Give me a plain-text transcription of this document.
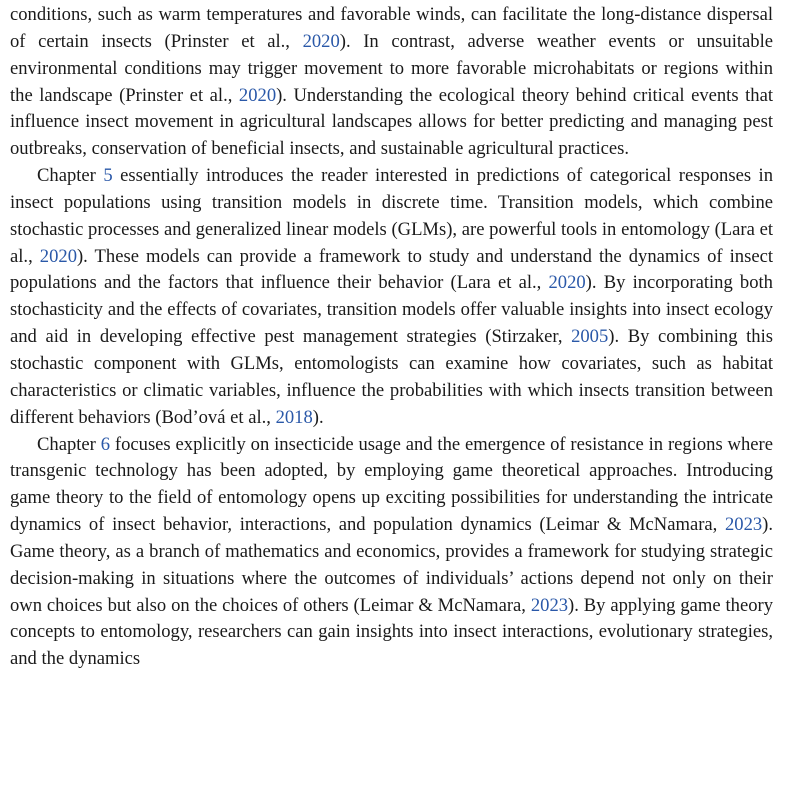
conditions, such as warm temperatures and favorable winds, can facilitate the long-distance dispersal of certain insects (Prinster et al., 2020). In contrast, adverse weather events or unsuitable environmental conditions may trigger movement to more favorable microhabitats or regions within the landscape (Prinster et al., 2020). Understanding the ecological theory behind critical events that influence insect movement in agricultural landscapes allows for better predicting and managing pest outbreaks, conservation of beneficial insects, and sustainable agricultural practices.

Chapter 5 essentially introduces the reader interested in predictions of categorical responses in insect populations using transition models in discrete time. Transition models, which combine stochastic processes and generalized linear models (GLMs), are powerful tools in entomology (Lara et al., 2020). These models can provide a framework to study and understand the dynamics of insect populations and the factors that influence their behavior (Lara et al., 2020). By incorporating both stochasticity and the effects of covariates, transition models offer valuable insights into insect ecology and aid in developing effective pest management strategies (Stirzaker, 2005). By combining this stochastic component with GLMs, entomologists can examine how covariates, such as habitat characteristics or climatic variables, influence the probabilities with which insects transition between different behaviors (Bod’ová et al., 2018).

Chapter 6 focuses explicitly on insecticide usage and the emergence of resistance in regions where transgenic technology has been adopted, by employing game theoretical approaches. Introducing game theory to the field of entomology opens up exciting possibilities for understanding the intricate dynamics of insect behavior, interactions, and population dynamics (Leimar & McNamara, 2023). Game theory, as a branch of mathematics and economics, provides a framework for studying strategic decision-making in situations where the outcomes of individuals’ actions depend not only on their own choices but also on the choices of others (Leimar & McNamara, 2023). By applying game theory concepts to entomology, researchers can gain insights into insect interactions, evolutionary strategies, and the dynamics
